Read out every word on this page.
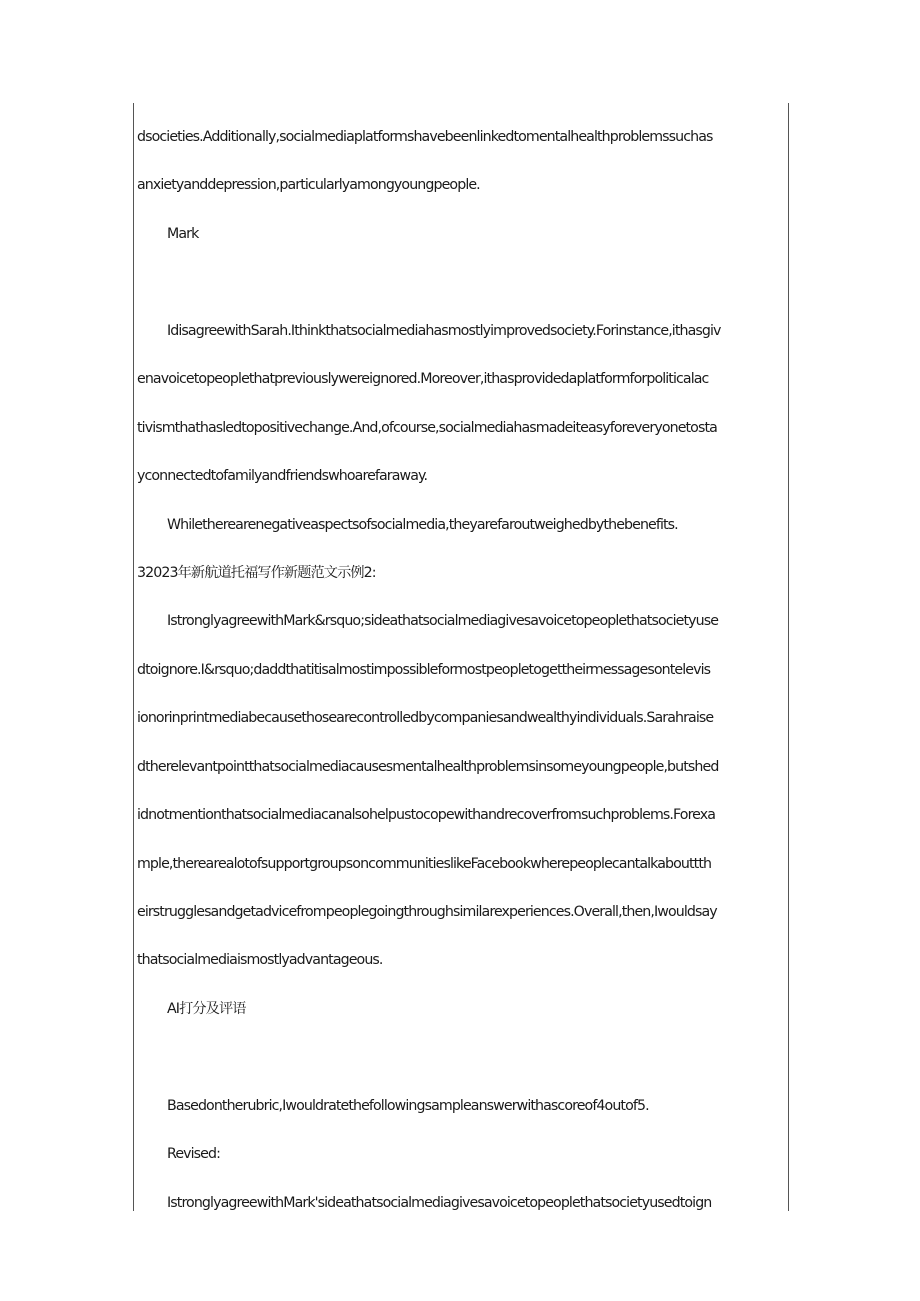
dsocieties.Additionally,socialmediaplatformshavebeenlinkedtomentalhealthproblemssuchas
anxietyanddepression,particularlyamongyoungpeople.
Mark
IdisagreewithSarah.Ithinkthatsocialmediahasmostlyimprovedsociety.Forinstance,ithasgiv
enavoicetopeoplethatpreviouslywereignored.Moreover,ithasprovidedaplatformforpoliticalac
tivismthathasledtopositivechange.And,ofcourse,socialmediahasmadeiteasyforeveryonetosta
yconnectedtofamilyandfriendswhoarefaraway.
Whiletherearenegativeaspectsofsocialmedia,theyarefaroutweighedbythebenefits.
32023年新航道托福写作新题范文示例2:
IstronglyagreewithMark&rsquo;sideathatsocialmediagivesavoicetopeoplethatsocietyuse
dtoignore.I&rsquo;daddthatitisalmostimpossibleformostpeopletogettheirmessagesontelevis
ionorinprintmediabecausethosearecontrolledbycompaniesandwealthyindividuals.Sarahraise
dtherelevantpointthatsocialmediacausesmentalhealthproblemsinsomeyoungpeople,butshed
idnotmentionthatsocialmediacanalsohelpustocopewithandrecoverfromsuchproblems.Forexa
mple,therearealotofsupportgroupsoncommunitieslikeFacebookwherepeoplecantalkabouttth
eirstrugglesandgetadvicefrompeoplegoingthroughsimilarexperiences.Overall,then,Iwouldsay
thatsocialmediaismostlyadvantageous.
AI打分及评语
Basedontherubric,Iwouldratethefollowingsampleanswerwithascoreof4outof5.
Revised:
IstronglyagreewithMark'sideathatsocialmediagivesavoicetopeoplethatsocietyusedtoign
